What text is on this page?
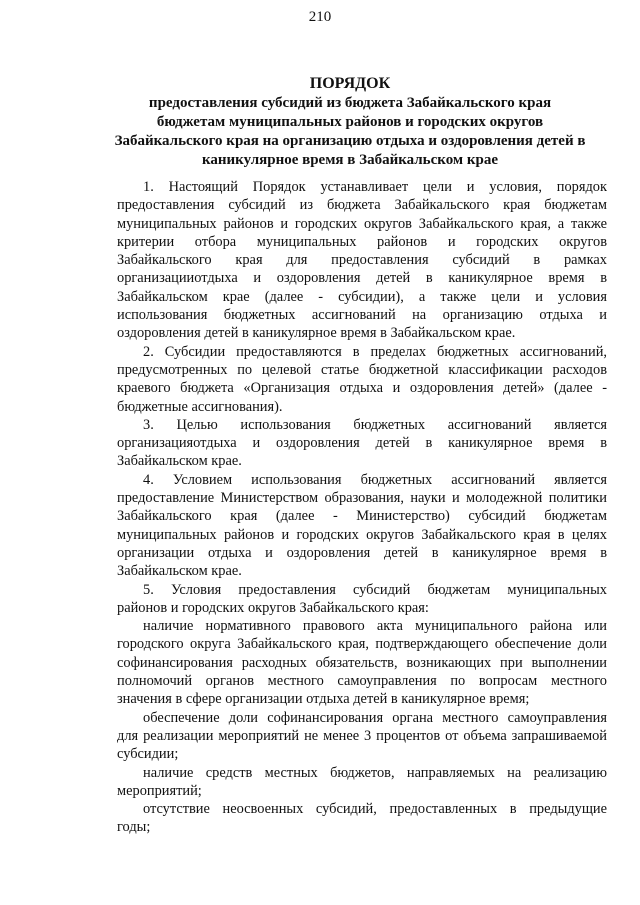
210
ПОРЯДОК
предоставления субсидий из бюджета Забайкальского края
бюджетам муниципальных районов и городских округов
Забайкальского края на организацию отдыха и оздоровления детей в
каникулярное время в Забайкальском крае
1. Настоящий Порядок устанавливает цели и условия, порядок
предоставления субсидий из бюджета Забайкальского края бюджетам
муниципальных районов и городских округов Забайкальского края, а также
критерии отбора муниципальных районов и городских округов
Забайкальского края для предоставления субсидий в рамках
организацииотдыха и оздоровления детей в каникулярное время в
Забайкальском крае (далее - субсидии), а также цели и условия
использования бюджетных ассигнований на организацию отдыха и
оздоровления детей в каникулярное время в Забайкальском крае.
2. Субсидии предоставляются в пределах бюджетных ассигнований,
предусмотренных по целевой статье бюджетной классификации расходов
краевого бюджета «Организация отдыха и оздоровления детей» (далее -
бюджетные ассигнования).
3. Целью использования бюджетных ассигнований является
организацияотдыха и оздоровления детей в каникулярное время в
Забайкальском крае.
4. Условием использования бюджетных ассигнований является
предоставление Министерством образования, науки и молодежной политики
Забайкальского края (далее - Министерство) субсидий бюджетам
муниципальных районов и городских округов Забайкальского края в целях
организации отдыха и оздоровления детей в каникулярное время в
Забайкальском крае.
5. Условия предоставления субсидий бюджетам муниципальных
районов и городских округов Забайкальского края:
наличие нормативного правового акта муниципального района или
городского округа Забайкальского края, подтверждающего обеспечение доли
софинансирования расходных обязательств, возникающих при выполнении
полномочий органов местного самоуправления по вопросам местного
значения в сфере организации отдыха детей в каникулярное время;
обеспечение доли софинансирования органа местного самоуправления
для реализации мероприятий не менее 3 процентов от объема запрашиваемой
субсидии;
наличие средств местных бюджетов, направляемых на реализацию
мероприятий;
отсутствие неосвоенных субсидий, предоставленных в предыдущие
годы;
